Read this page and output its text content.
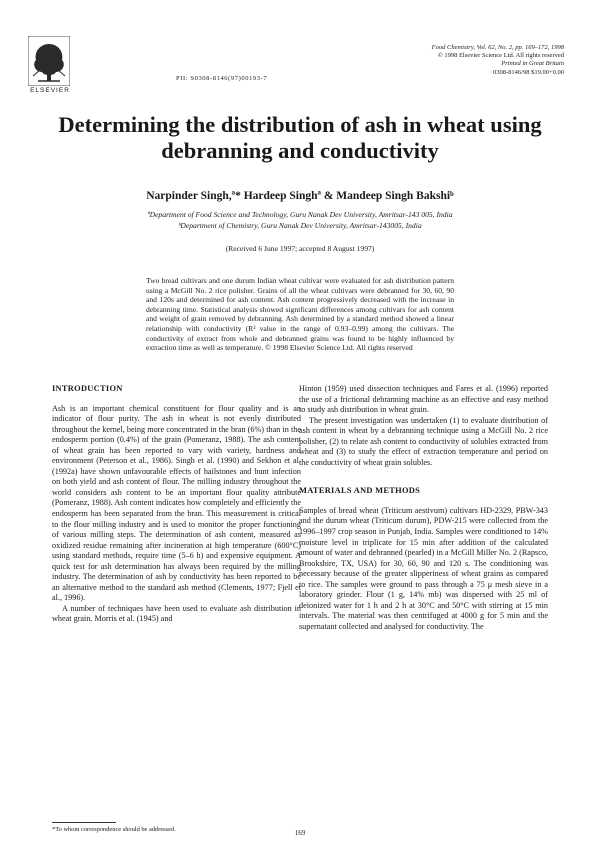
ELSEVIER
PII: S0308-8146(97)00193-7
Food Chemistry, Vol. 62, No. 2, pp. 169–172, 1998
© 1998 Elsevier Science Ltd. All rights reserved
Printed in Great Britain
0308-8146/98 $19.00+0.00
Determining the distribution of ash in wheat using debranning and conductivity
Narpinder Singh,ª* Hardeep Singhª & Mandeep Singh Bakshiᵇ
ªDepartment of Food Science and Technology, Guru Nanak Dev University, Amritsar-143 005, India
ᵇDepartment of Chemistry, Guru Nanak Dev University, Amritsar-143005, India
(Received 6 June 1997; accepted 8 August 1997)
Two bread cultivars and one durum Indian wheat cultivar were evaluated for ash distribution pattern using a McGill No. 2 rice polisher. Grains of all the wheat cultivars were debranned for 30, 60, 90 and 120s and determined for ash content. Ash content progressively decreased with the increase in debranning time. Statistical analysis showed significant differences among cultivars for ash content and weight of grain removed by debranning. Ash determined by a standard method showed a linear relationship with conductivity (R² value in the range of 0.93–0.99) among the cultivars. The conductivity of extract from whole and debranned grains was found to be highly influenced by extraction time as well as temperature. © 1998 Elsevier Science Ltd. All rights reserved
INTRODUCTION

Ash is an important chemical constituent for flour quality and is an indicator of flour purity. The ash in wheat is not evenly distributed throughout the kernel, being more concentrated in the bran (6%) than in the endosperm portion (0.4%) of the grain (Pomeranz, 1988). The ash content of wheat grain has been reported to vary with variety, hardness and environment (Peterson et al., 1986). Singh et al. (1990) and Sekhon et al. (1992a) have shown unfavourable effects of hailstones and bunt infection on both yield and ash content of flour. The milling industry throughout the world considers ash content to be an important flour quality attribute (Pomeranz, 1988). Ash content indicates how completely and efficiently the endosperm has been separated from the bran. This measurement is critical to the flour milling industry and is used to monitor the proper functioning of various milling steps. The determination of ash content, measured as oxidized residue remaining after incineration at high temperature (600°C) using standard methods, require time (5–6 h) and expensive equipment. A quick test for ash determination has always been required by the milling industry. The determination of ash by conductivity has been reported to be an alternative method to the standard ash method (Clements, 1977; Fjell et al., 1996).

A number of techniques have been used to evaluate ash distribution in wheat grain. Morris et al. (1945) and

Hinton (1959) used dissection techniques and Fares et al. (1996) reported the use of a frictional debranning machine as an effective and easy method to study ash distribution in wheat grain.

The present investigation was undertaken (1) to evaluate distribution of ash content in wheat by a debranning technique using a McGill No. 2 rice polisher, (2) to relate ash content to conductivity of solubles extracted from wheat and (3) to study the effect of extraction temperature and period on the conductivity of wheat grain solubles.

MATERIALS AND METHODS

Samples of bread wheat (Triticum aestivum) cultivars HD-2329, PBW-343 and the durum wheat (Triticum durum), PDW-215 were collected from the 1996–1997 crop season in Punjab, India. Samples were conditioned to 14% moisture level in triplicate for 15 min after addition of the calculated amount of water and debranned (pearled) in a McGill Miller No. 2 (Rapsco, Brookshire, TX, USA) for 30, 60, 90 and 120 s. The conditioning was necessary because of the greater slipperiness of wheat grains as compared to rice. The samples were ground to pass through a 75 μ mesh sieve in a laboratory grinder. Flour (1 g, 14% mb) was dispersed with 25 ml of deionized water for 1 h and 2 h at 30°C and 50°C with stirring at 15 min intervals. The material was then centrifuged at 4000 g for 5 min and the supernatant collected and analysed for conductivity. The

*To whom correspondence should be addressed.	169
